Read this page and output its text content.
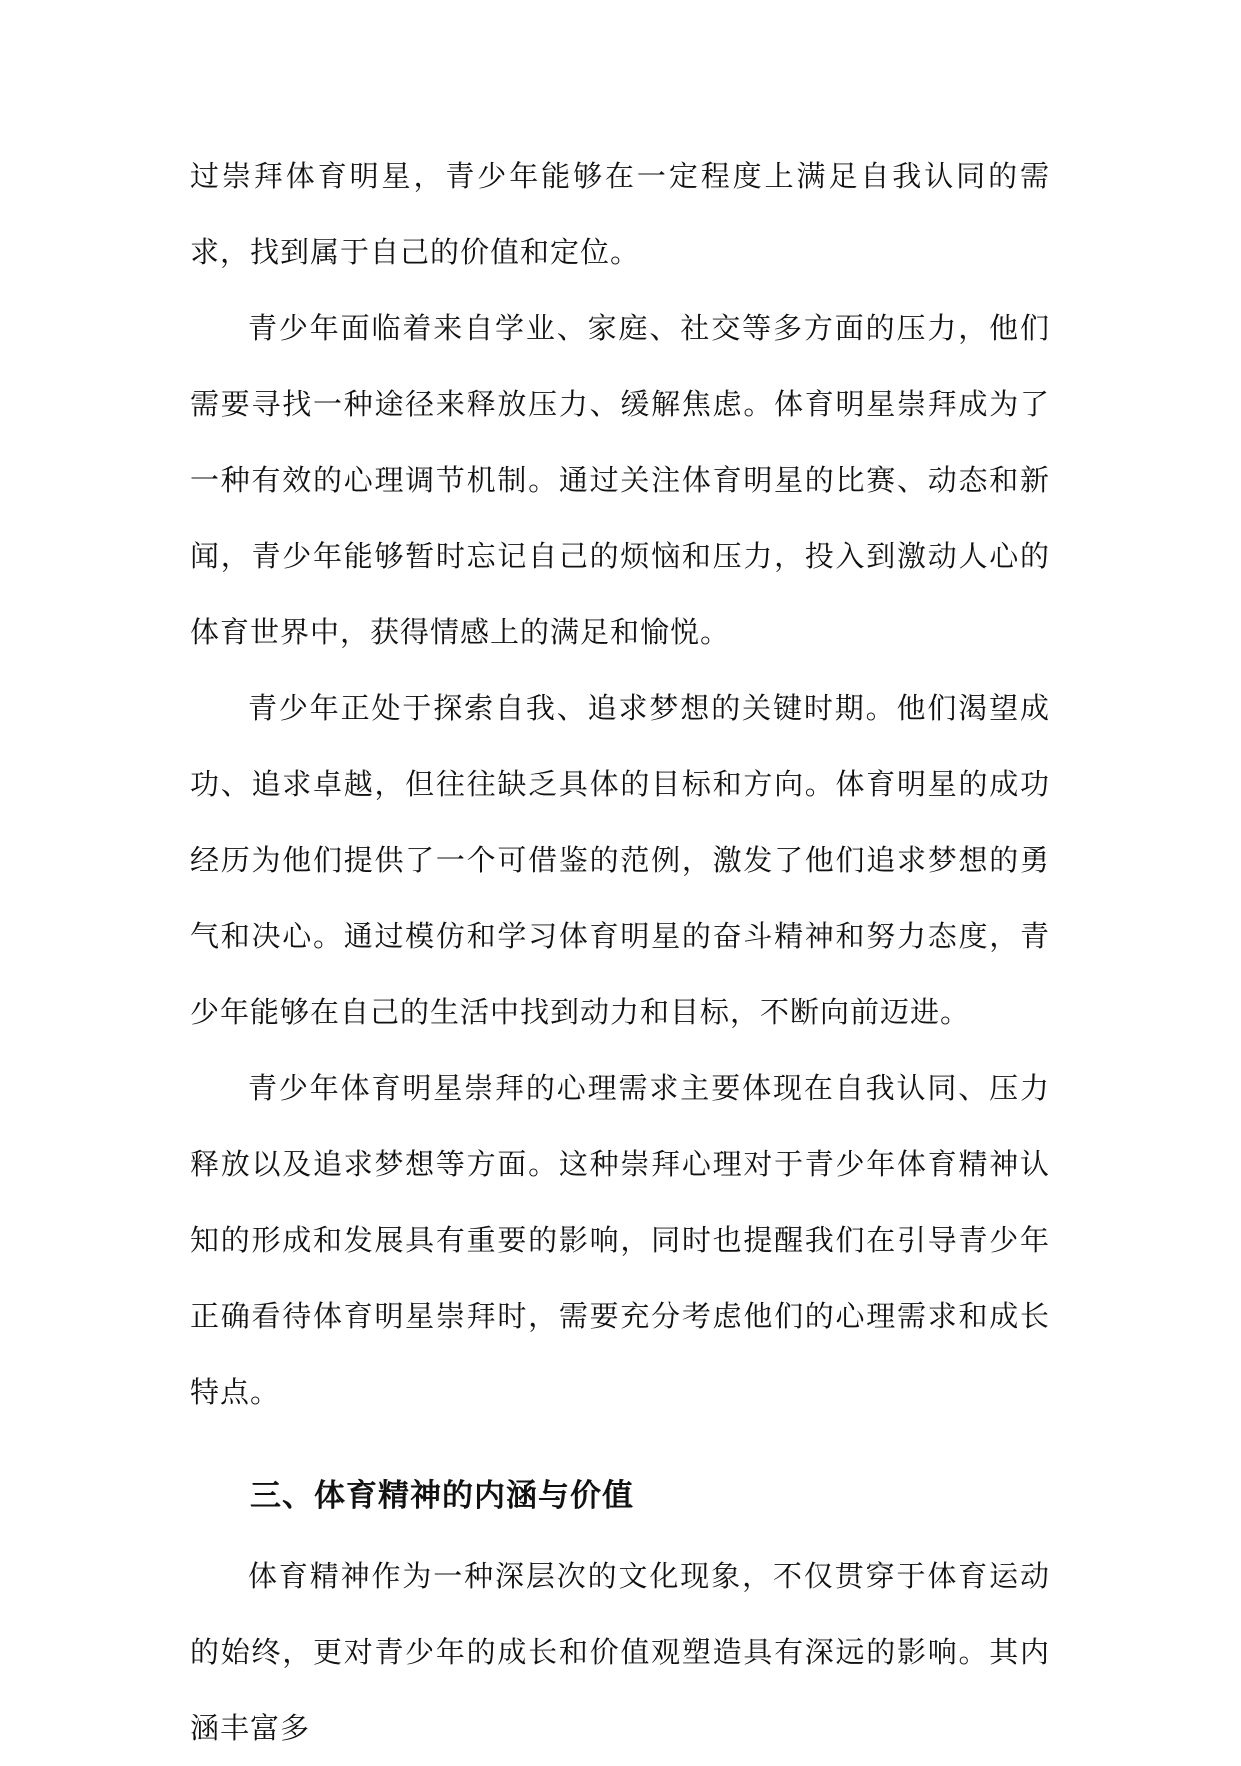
过崇拜体育明星，青少年能够在一定程度上满足自我认同的需求，找到属于自己的价值和定位。

青少年面临着来自学业、家庭、社交等多方面的压力，他们需要寻找一种途径来释放压力、缓解焦虑。体育明星崇拜成为了一种有效的心理调节机制。通过关注体育明星的比赛、动态和新闻，青少年能够暂时忘记自己的烦恼和压力，投入到激动人心的体育世界中，获得情感上的满足和愉悦。

青少年正处于探索自我、追求梦想的关键时期。他们渴望成功、追求卓越，但往往缺乏具体的目标和方向。体育明星的成功经历为他们提供了一个可借鉴的范例，激发了他们追求梦想的勇气和决心。通过模仿和学习体育明星的奋斗精神和努力态度，青少年能够在自己的生活中找到动力和目标，不断向前迈进。

青少年体育明星崇拜的心理需求主要体现在自我认同、压力释放以及追求梦想等方面。这种崇拜心理对于青少年体育精神认知的形成和发展具有重要的影响，同时也提醒我们在引导青少年正确看待体育明星崇拜时，需要充分考虑他们的心理需求和成长特点。

三、体育精神的内涵与价值

体育精神作为一种深层次的文化现象，不仅贯穿于体育运动的始终，更对青少年的成长和价值观塑造具有深远的影响。其内涵丰富多
